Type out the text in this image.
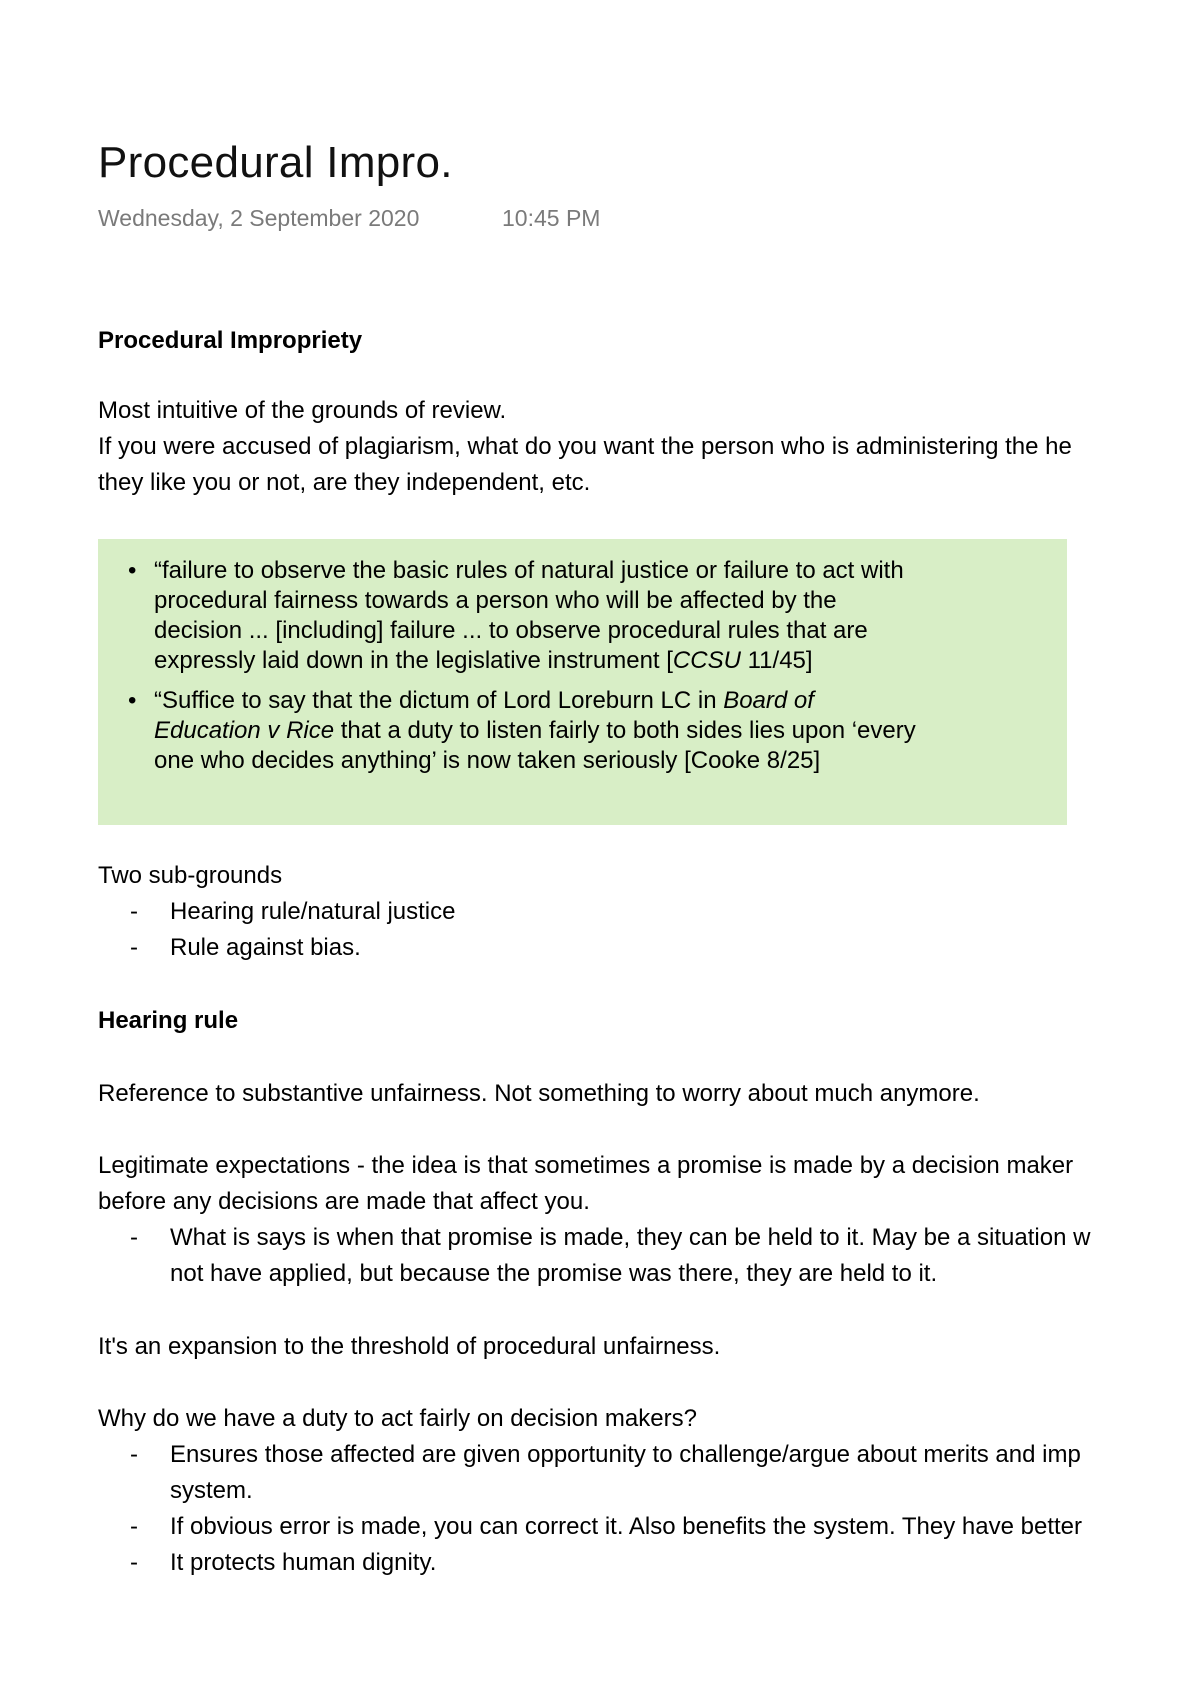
Procedural Impro.
Wednesday, 2 September 2020	10:45 PM
Procedural Impropriety
Most intuitive of the grounds of review.
If you were accused of plagiarism, what do you want the person who is administering the he
they like you or not, are they independent, etc.
• “failure to observe the basic rules of natural justice or failure to act with
procedural fairness towards a person who will be affected by the
decision ... [including] failure ... to observe procedural rules that are
expressly laid down in the legislative instrument [CCSU 11/45]
• “Suffice to say that the dictum of Lord Loreburn LC in Board of
Education v Rice that a duty to listen fairly to both sides lies upon ‘every
one who decides anything’ is now taken seriously [Cooke 8/25]
Two sub-grounds
- Hearing rule/natural justice
- Rule against bias.
Hearing rule
Reference to substantive unfairness. Not something to worry about much anymore.
Legitimate expectations - the idea is that sometimes a promise is made by a decision maker
before any decisions are made that affect you.
- What is says is when that promise is made, they can be held to it. May be a situation w
not have applied, but because the promise was there, they are held to it.
It's an expansion to the threshold of procedural unfairness.
Why do we have a duty to act fairly on decision makers?
- Ensures those affected are given opportunity to challenge/argue about merits and imp
system.
- If obvious error is made, you can correct it. Also benefits the system. They have better
- It protects human dignity.
